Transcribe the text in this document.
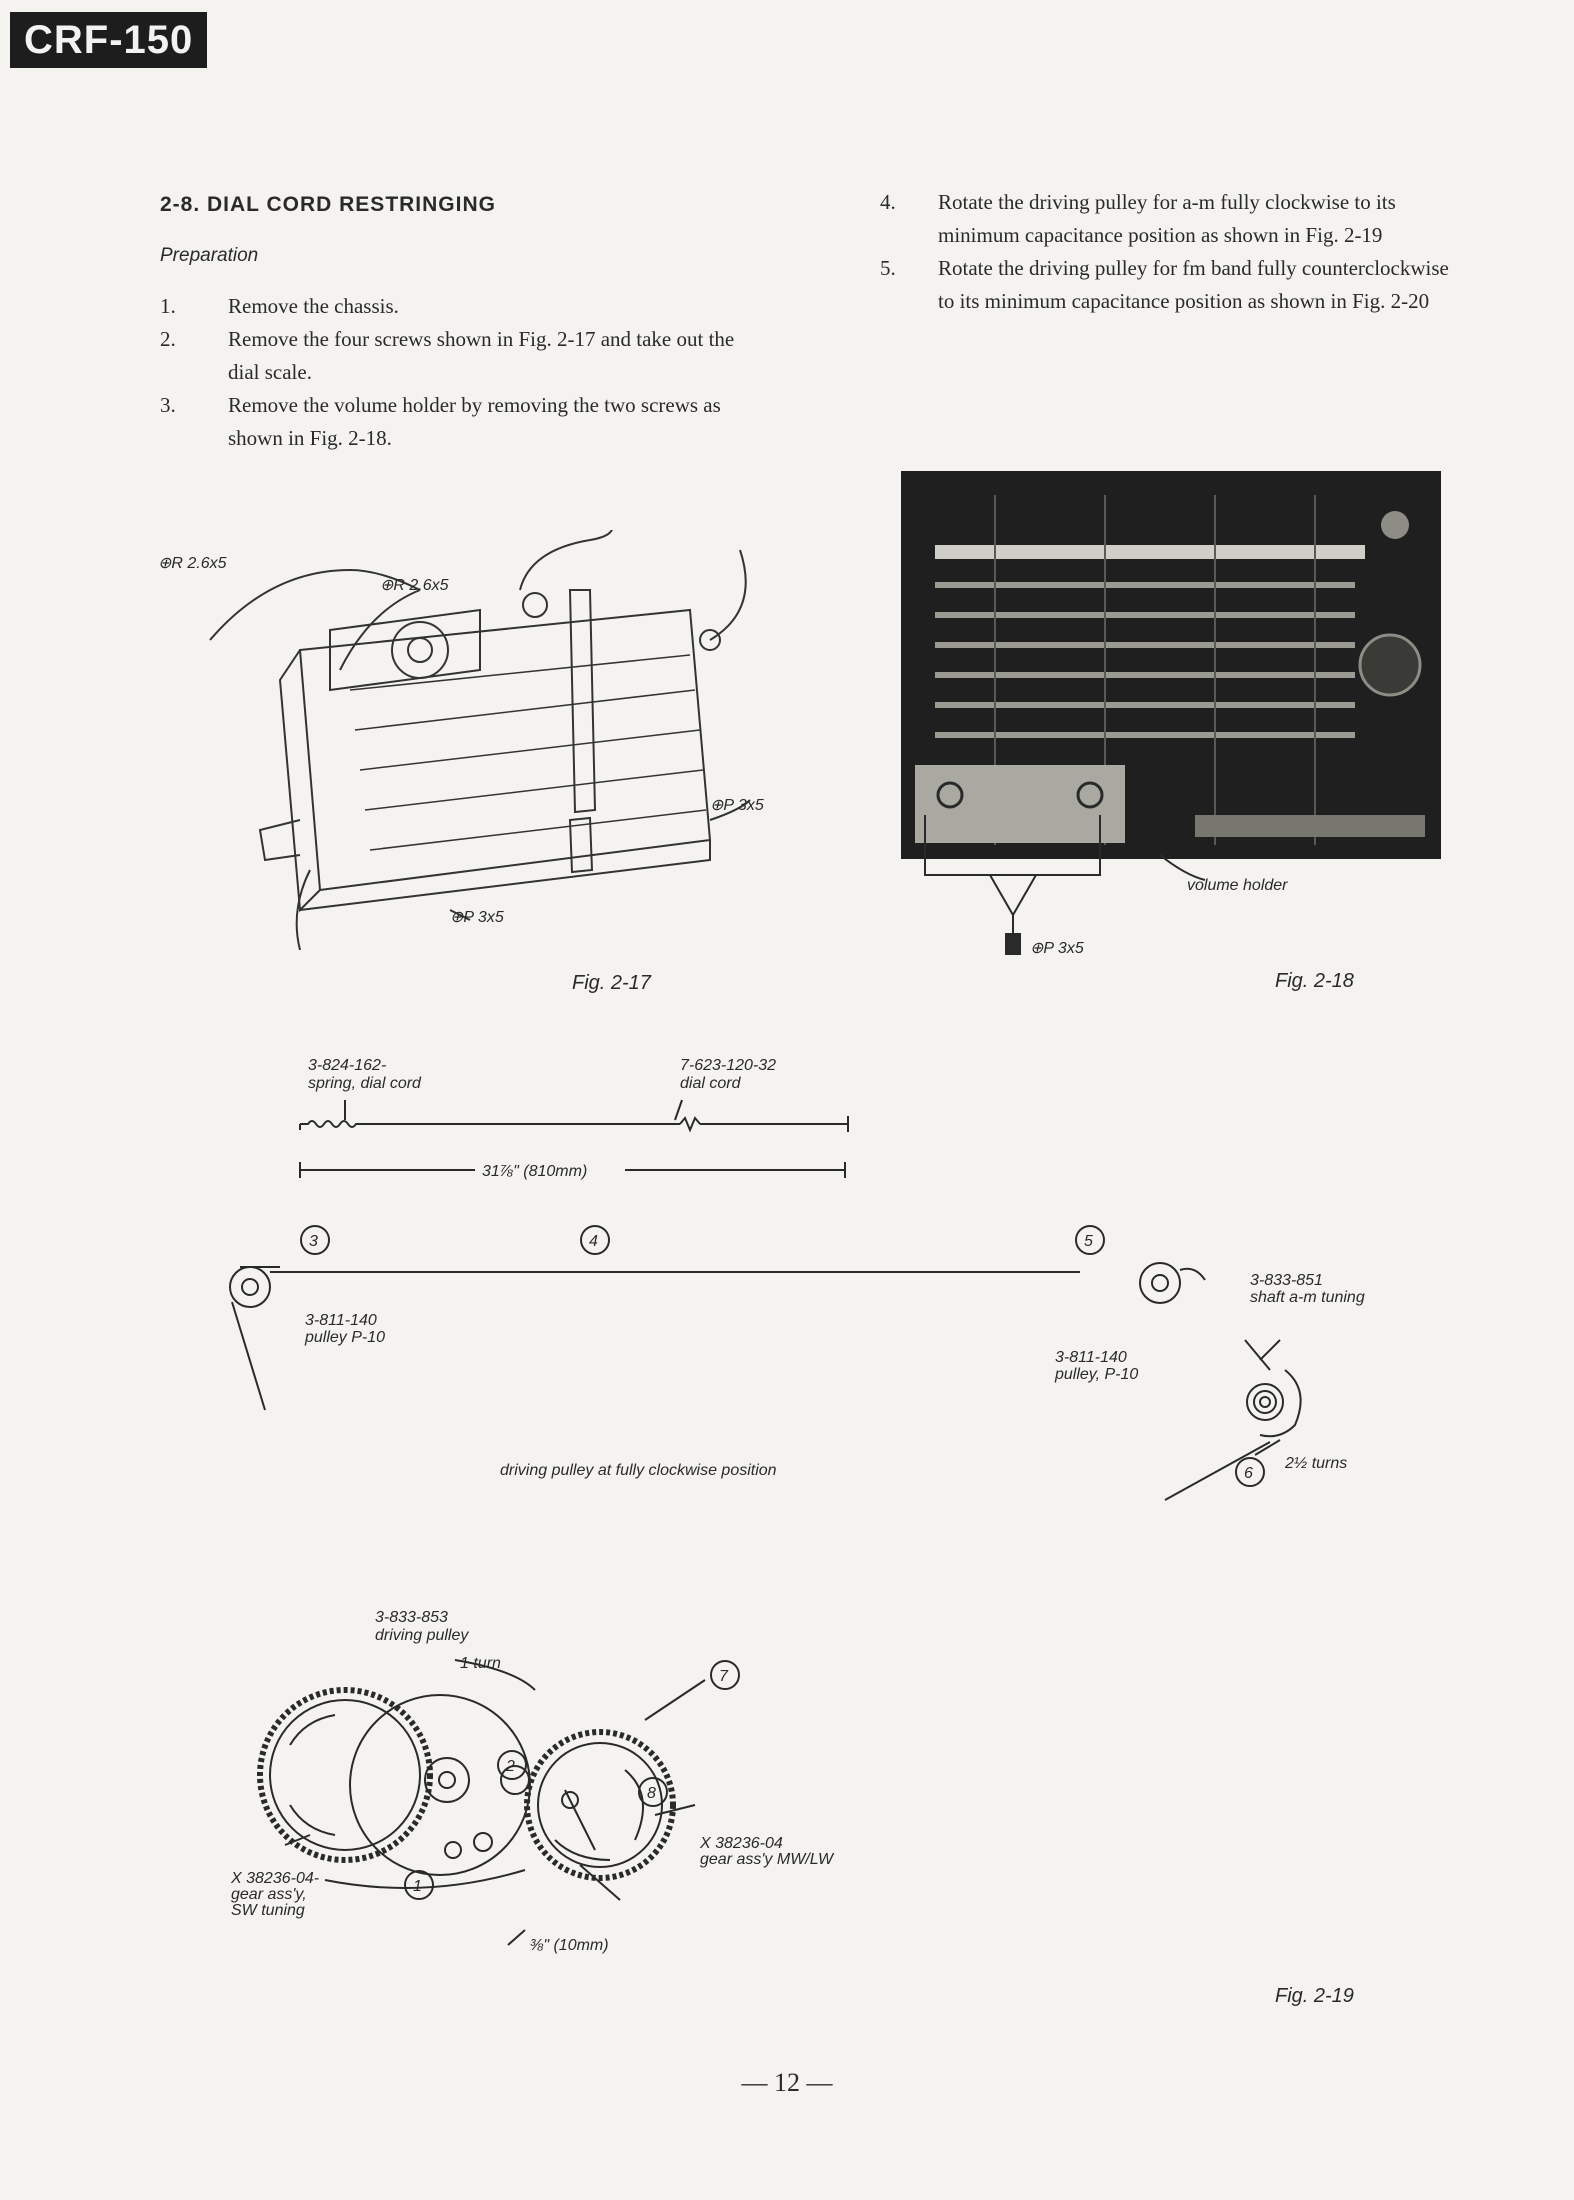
CRF-150
2-8. DIAL CORD RESTRINGING
Preparation
1.	Remove the chassis.
2.	Remove the four screws shown in Fig. 2-17 and take out the dial scale.
3.	Remove the volume holder by removing the two screws as shown in Fig. 2-18.
4.	Rotate the driving pulley for a-m fully clockwise to its minimum capacitance position as shown in Fig. 2-19
5.	Rotate the driving pulley for fm band fully counterclockwise to its minimum capacitance position as shown in Fig. 2-20
⊕R 2.6x5
⊕R 2.6x5
⊕P 3x5
⊕P 3x5
Fig. 2-17
⊕P 3x5
volume holder
Fig. 2-18
3-824-162-
spring, dial cord
7-623-120-32
dial cord
31⅞" (810mm)
3	4	5
6
3-811-140
pulley P-10
3-811-140
pulley, P-10
3-833-851
shaft a-m tuning
2½ turns
driving pulley at fully clockwise position
1
2
8
7
3-833-853
driving pulley
1 turn
X 38236-04-
gear ass'y,
SW tuning
X 38236-04
gear ass'y MW/LW
⅜" (10mm)
Fig. 2-19
— 12 —
